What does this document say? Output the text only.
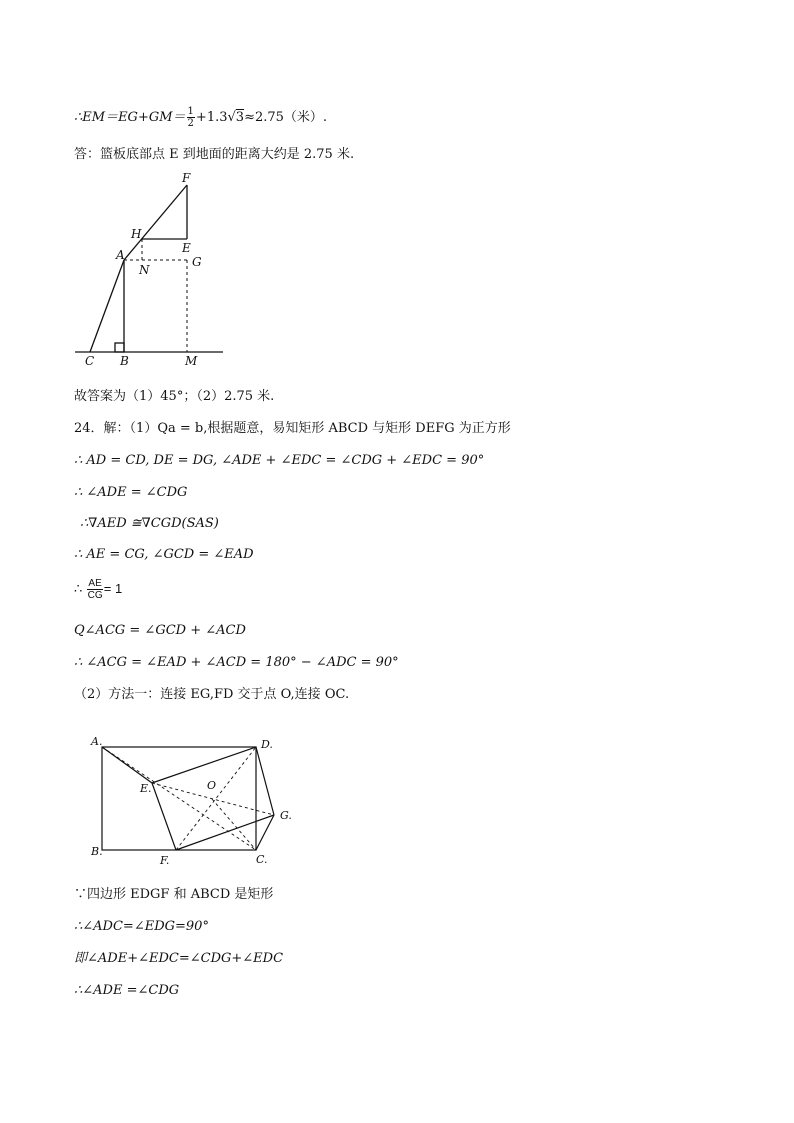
∴EM＝EG+GM＝ $\frac{1}{2} +1.3√3\approx 2.75$（米）.
答：篮板底部点 E 到地面的距离大约是 2.75 米.
F
H
E
A
N
G
C B	M
故答案为（1）45°；（2）2.75 米.
24．解：（1）Qa = b,根据题意，易知矩形 ABCD 与矩形 DEFG 为正方形
∴ AD = CD, DE = DG, ∠ADE + ∠EDC = ∠CDG + ∠EDC = 90°
∴ ∠ADE = ∠CDG
∴∇AED ≅∇CGD(SAS)
∴ AE = CG, ∠GCD = ∠EAD
∴ $\frac{AE}{CG} = 1$
Q∠ACG = ∠GCD + ∠ACD
∴ ∠ACG = ∠EAD + ∠ACD = 180° − ∠ADC = 90°
（2）方法一：连接 EG,FD 交于点 O,连接 OC.
A.	D.
E.	O
G.
B.
F.	C.
∵四边形 EDGF 和 ABCD 是矩形
∴∠ADC=∠EDG=90°
即∠ADE+∠EDC=∠CDG+∠EDC
∴∠ADE =∠CDG
